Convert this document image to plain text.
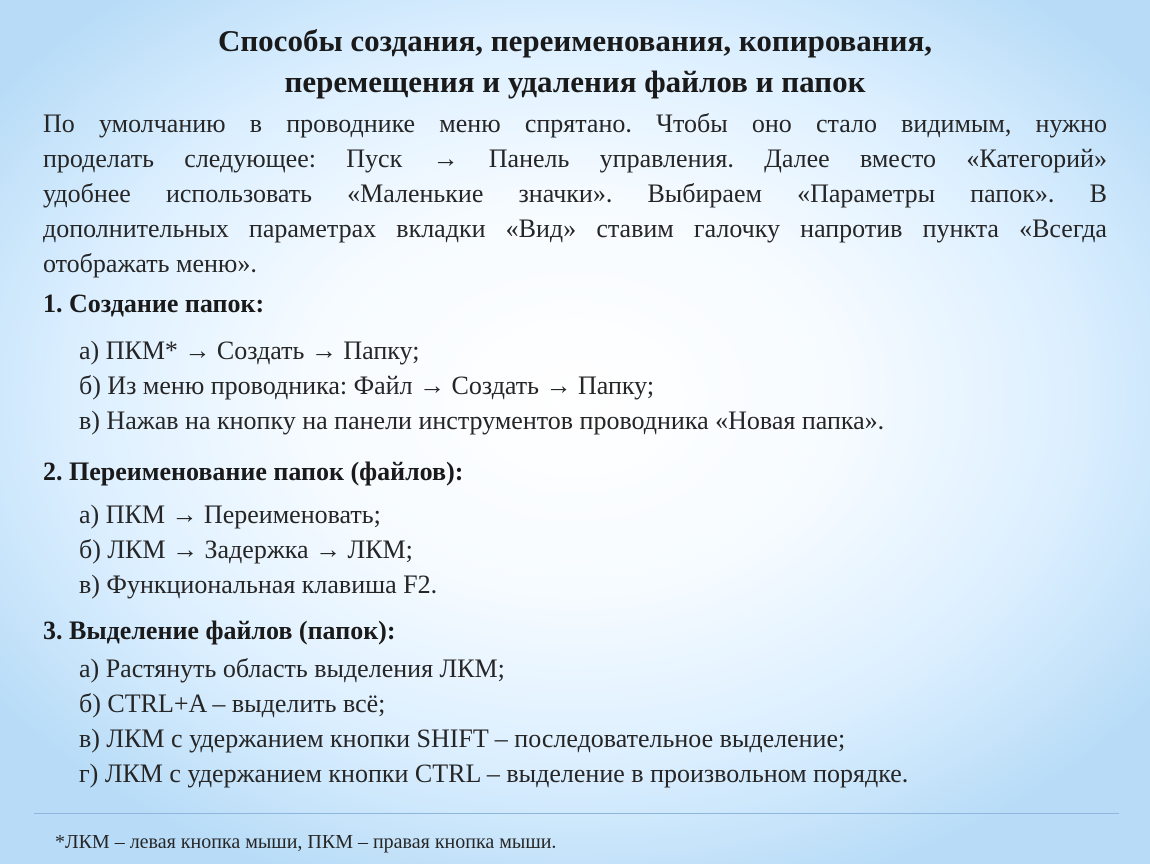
Способы создания, переименования, копирования,
перемещения и удаления файлов и папок
По умолчанию в проводнике меню спрятано. Чтобы оно стало видимым, нужно
проделать следующее: Пуск → Панель управления. Далее вместо «Категорий»
удобнее использовать «Маленькие значки». Выбираем «Параметры папок». В
дополнительных параметрах вкладки «Вид» ставим галочку напротив пункта «Всегда
отображать меню».
1. Создание папок:
а) ПКМ* → Создать → Папку;
б) Из меню проводника: Файл → Создать → Папку;
в) Нажав на кнопку на панели инструментов проводника «Новая папка».
2. Переименование папок (файлов):
а) ПКМ → Переименовать;
б) ЛКМ → Задержка → ЛКМ;
в) Функциональная клавиша F2.
3. Выделение файлов (папок):
а) Растянуть область выделения ЛКМ;
б) CTRL+A – выделить всё;
в) ЛКМ с удержанием кнопки SHIFT – последовательное выделение;
г) ЛКМ с удержанием кнопки CTRL – выделение в произвольном порядке.
*ЛКМ – левая кнопка мыши, ПКМ – правая кнопка мыши.
